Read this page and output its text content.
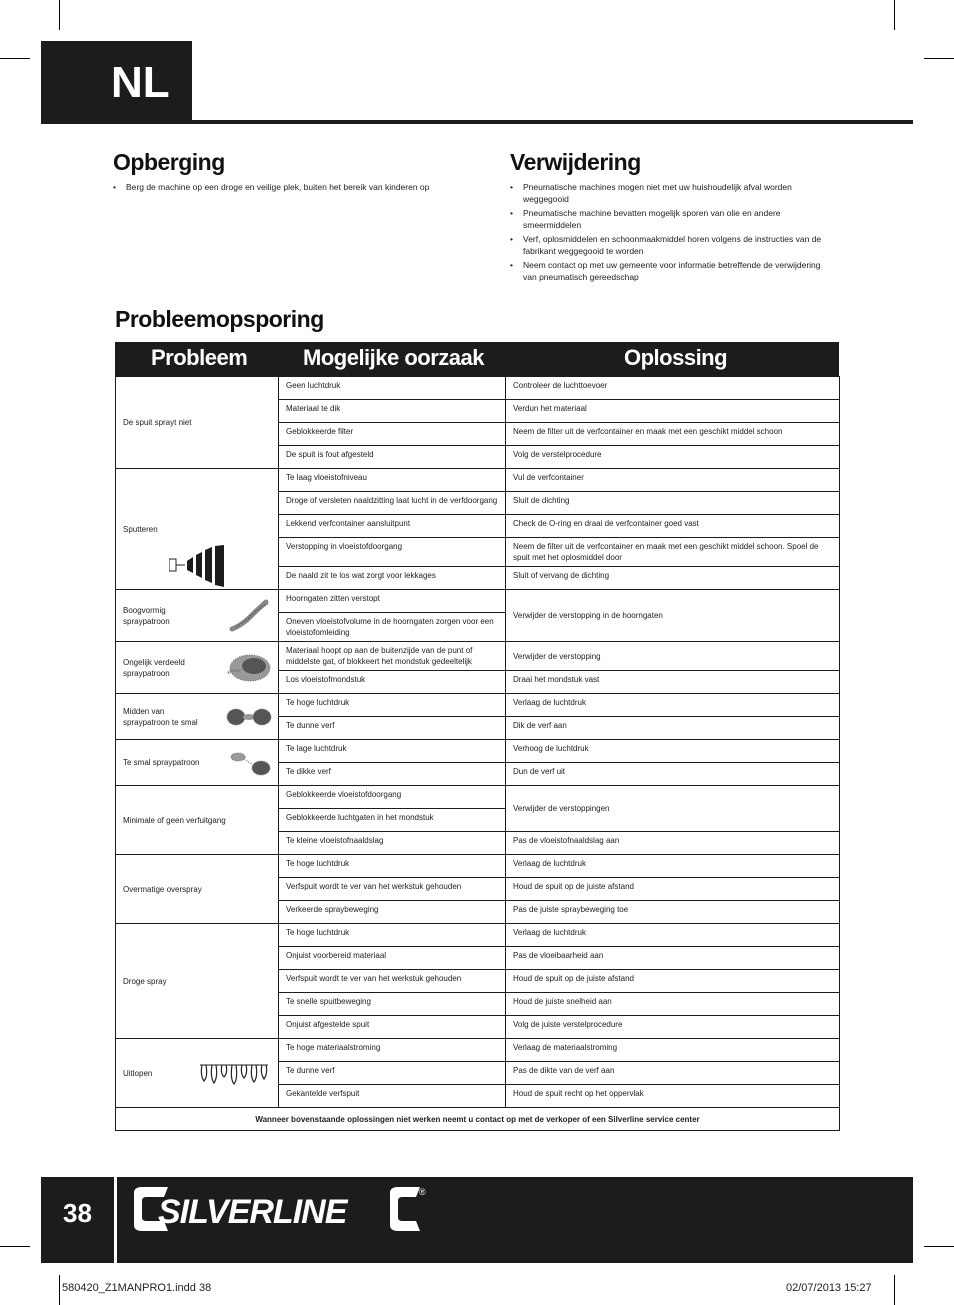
NL
Opberging
• Berg de machine op een droge en veilige plek, buiten het bereik van kinderen op
Verwijdering
• Pneumatische machines mogen niet met uw huishoudelijk afval worden weggegooid
• Pneumatische machine bevatten mogelijk sporen van olie en andere smeermiddelen
• Verf, oplosmiddelen en schoonmaakmiddel horen volgens de instructies van de fabrikant weggegooid te worden
• Neem contact op met uw gemeente voor informatie betreffende de verwijdering van pneumatisch gereedschap
Probleemopsporing
Probleem	Mogelijke oorzaak	Oplossing
De spuit sprayt niet	Geen luchtdruk	Controleer de luchttoevoer
	Materiaal te dik	Verdun het materiaal
	Geblokkeerde filter	Neem de filter uit de verfcontainer en maak met een geschikt middel schoon
	De spuit is fout afgesteld	Volg de verstelprocedure
Sputteren	Te laag vloeistofniveau	Vul de verfcontainer
	Droge of versleten naaldzitting laat lucht in de verfdoorgang	Sluit de dichting
	Lekkend verfcontainer aansluitpunt	Check de O-ring en draai de verfcontainer goed vast
	Verstopping in vloeistofdoorgang	Neem de filter uit de verfcontainer en maak met een geschikt middel schoon. Spoel de spuit met het oplosmiddel door
	De naald zit te los wat zorgt voor lekkages	Sluit of vervang de dichting

Boogvormig spraypatroon	Hoorngaten zitten verstopt	Verwijder de verstopping in de hoorngaten
	Oneven vloeistofvolume in de hoorngaten zorgen voor een vloeistofomleiding	

Ongelijk verdeeld spraypatroon	Materiaal hoopt op aan de buitenzijde van de punt of middelste gat, of blokkeert het mondstuk gedeeltelijk	Verwijder de verstopping
	Los vloeistofmondstuk	Draai het mondstuk vast

Midden van spraypatroon te smal	Te hoge luchtdruk	Verlaag de luchtdruk
	Te dunne verf	Dik de verf aan

Te smal spraypatroon	Te lage luchtdruk	Verhoog de luchtdruk
	Te dikke verf	Dun de verf uit
Minimale of geen verfuitgang	Geblokkeerde vloeistofdoorgang	Verwijder de verstoppingen
	Geblokkeerde luchtgaten in het mondstuk	
	Te kleine vloeistofnaaldslag	Pas de vloeistofnaaldslag aan
Overmatige overspray	Te hoge luchtdruk	Verlaag de luchtdruk
	Verfspuit wordt te ver van het werkstuk gehouden	Houd de spuit op de juiste afstand
	Verkeerde spraybeweging	Pas de juiste spraybeweging toe
Droge spray	Te hoge luchtdruk	Verlaag de luchtdruk
	Onjuist voorbereid materiaal	Pas de vloeibaarheid aan
	Verfspuit wordt te ver van het werkstuk gehouden	Houd de spuit op de juiste afstand
	Te snelle spuitbeweging	Houd de juiste snelheid aan
	Onjuist afgestelde spuit	Volg de juiste verstelprocedure
Uitlopen	Te hoge materiaalstroming	Verlaag de materiaalstroming
	Te dunne verf	Pas de dikte van de verf aan
	Gekantelde verfspuit	Houd de spuit recht op het oppervlak
Wanneer bovenstaande oplossingen niet werken neemt u contact op met de verkoper of een Silverline service center		
38	SILVERLINE
®
580420_Z1MANPRO1.indd 38	02/07/2013 15:27
